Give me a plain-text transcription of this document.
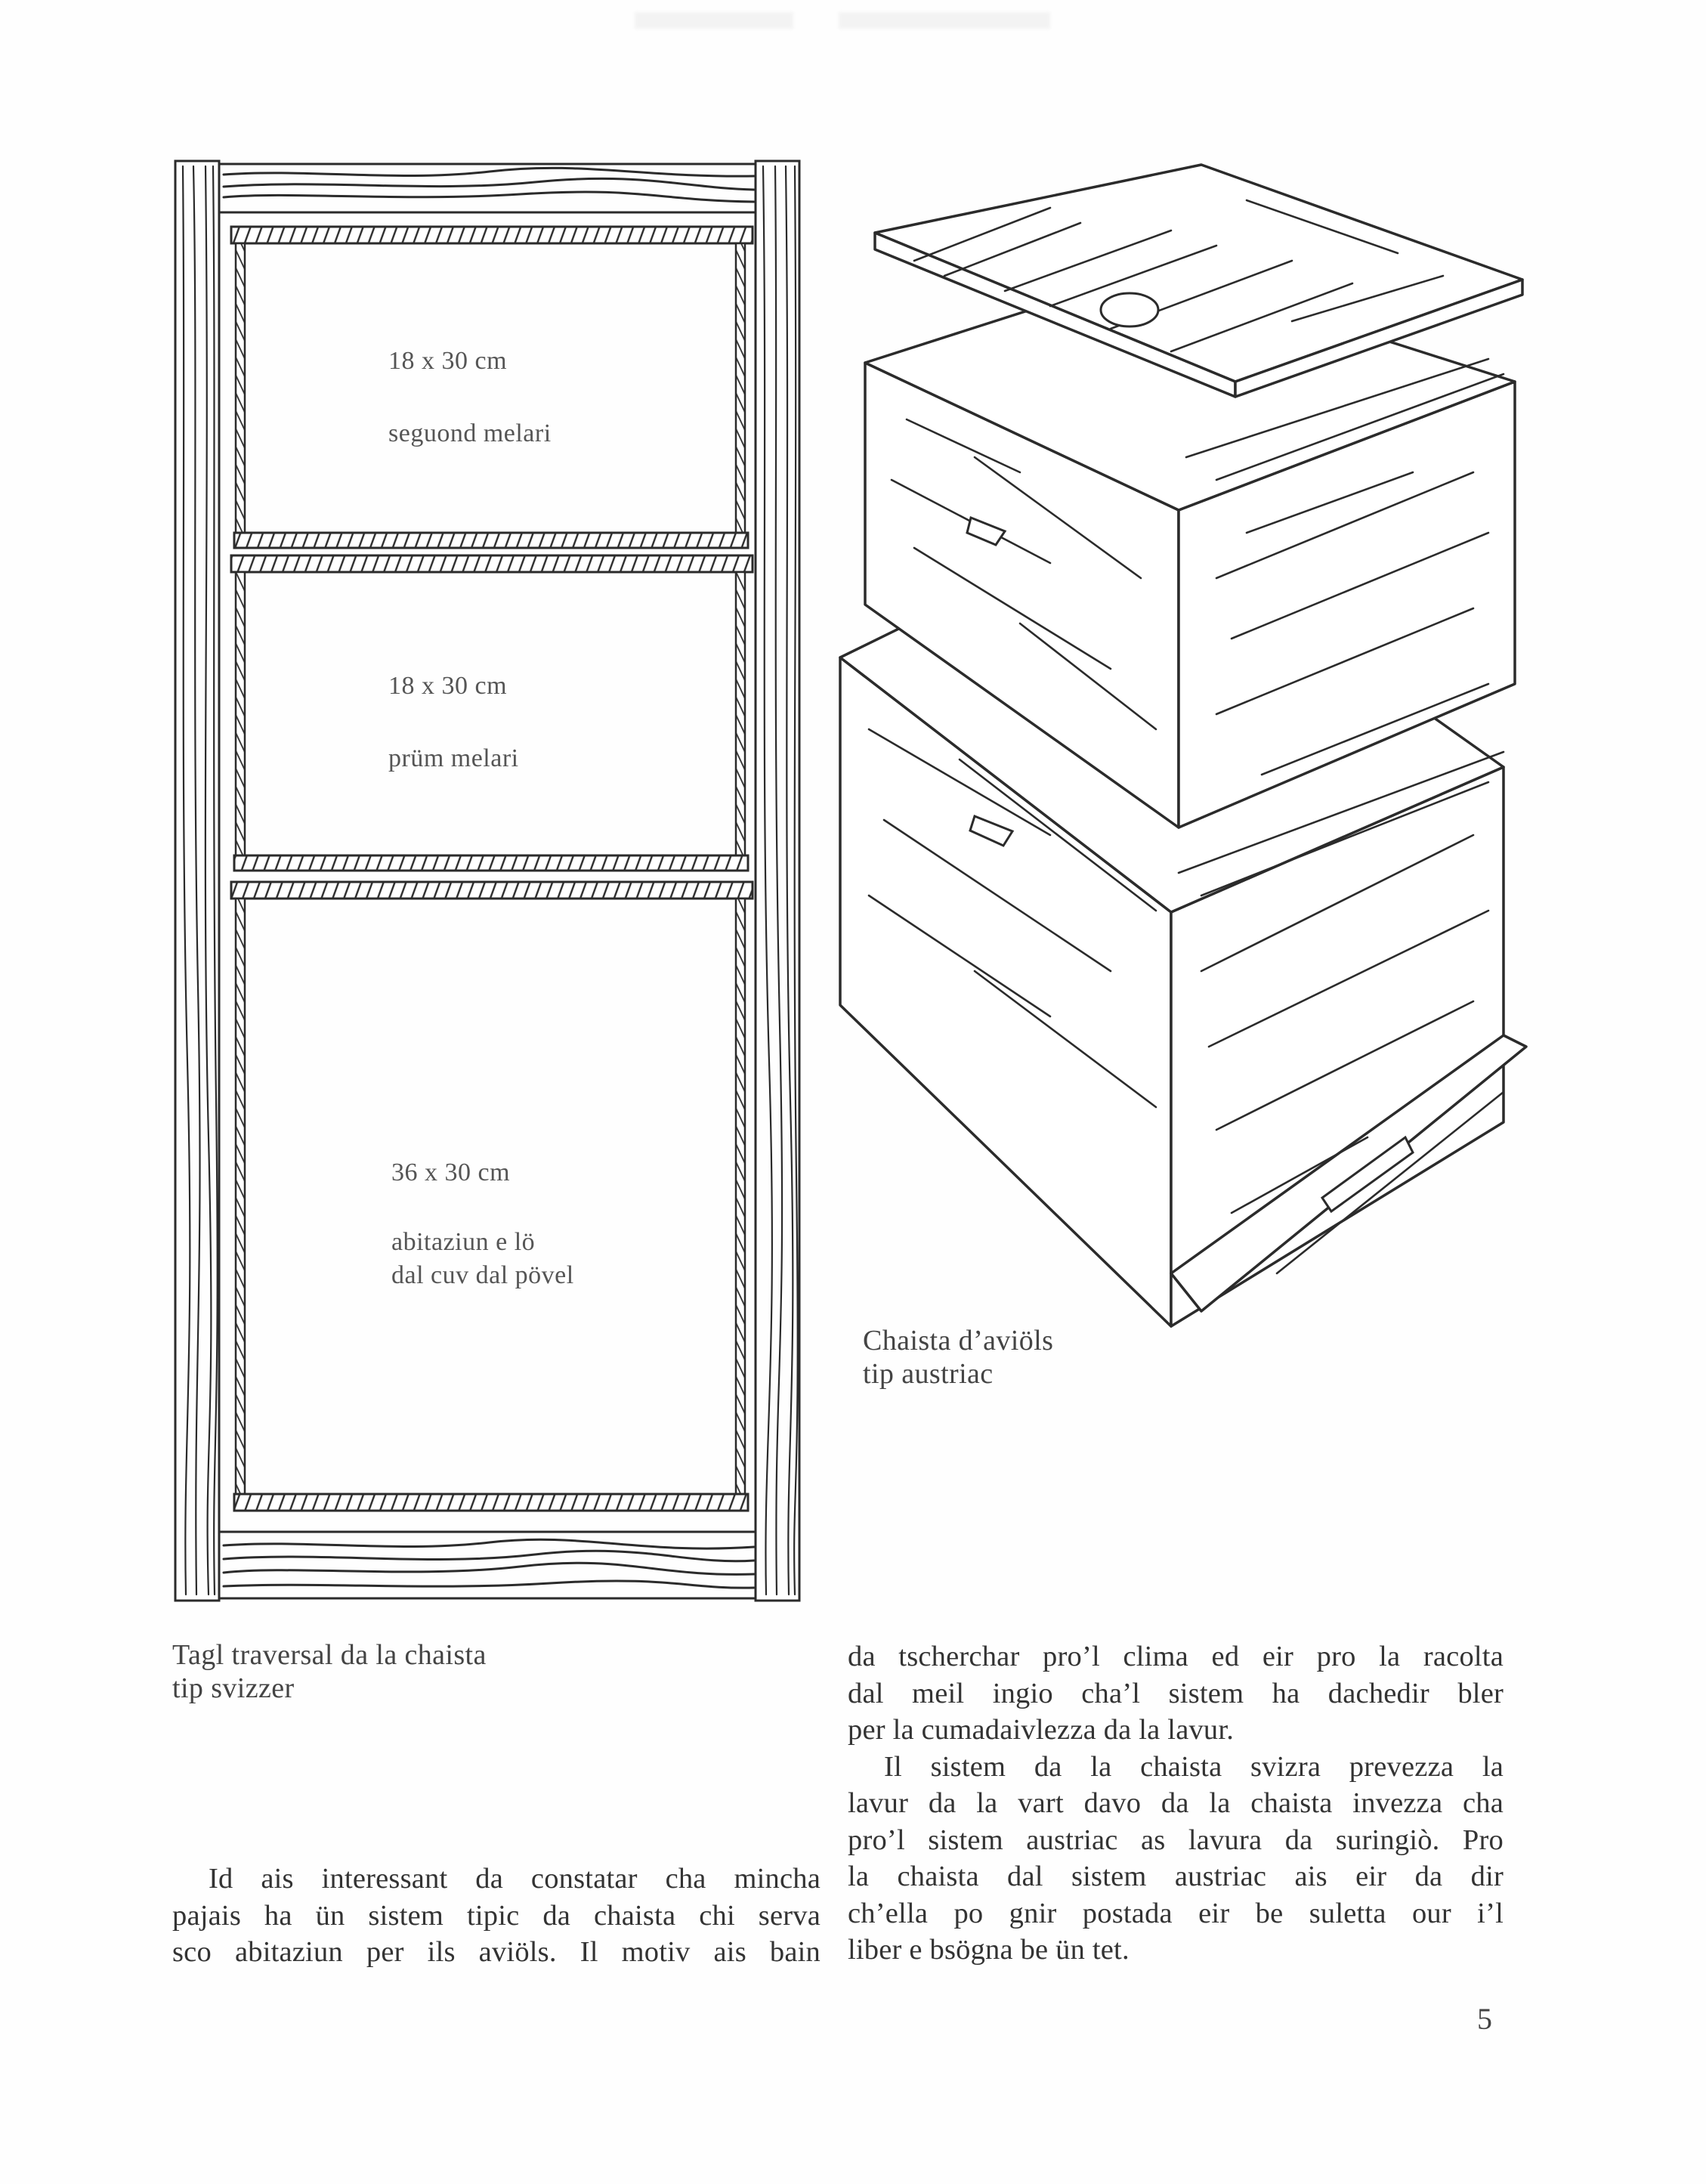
18 x 30 cm
seguond melari
18 x 30 cm
prüm melari
36 x 30 cm
abitaziun e lö
dal cuv dal pövel
Chaista d’aviöls
tip austriac
Tagl traversal da la chaista
tip svizzer
Id ais interessant da constatar cha mincha
pajais ha ün sistem tipic da chaista chi serva
sco abitaziun per ils aviöls. Il motiv ais bain
da tscherchar pro’l clima ed eir pro la racolta
dal meil ingio cha’l sistem ha dachedir bler
per la cumadaivlezza da la lavur.
Il sistem da la chaista svizra prevezza la
lavur da la vart davo da la chaista invezza cha
pro’l sistem austriac as lavura da suringiò. Pro
la chaista dal sistem austriac ais eir da dir
ch’ella po gnir postada eir be suletta our i’l
liber e bsögna be ün tet.
5
